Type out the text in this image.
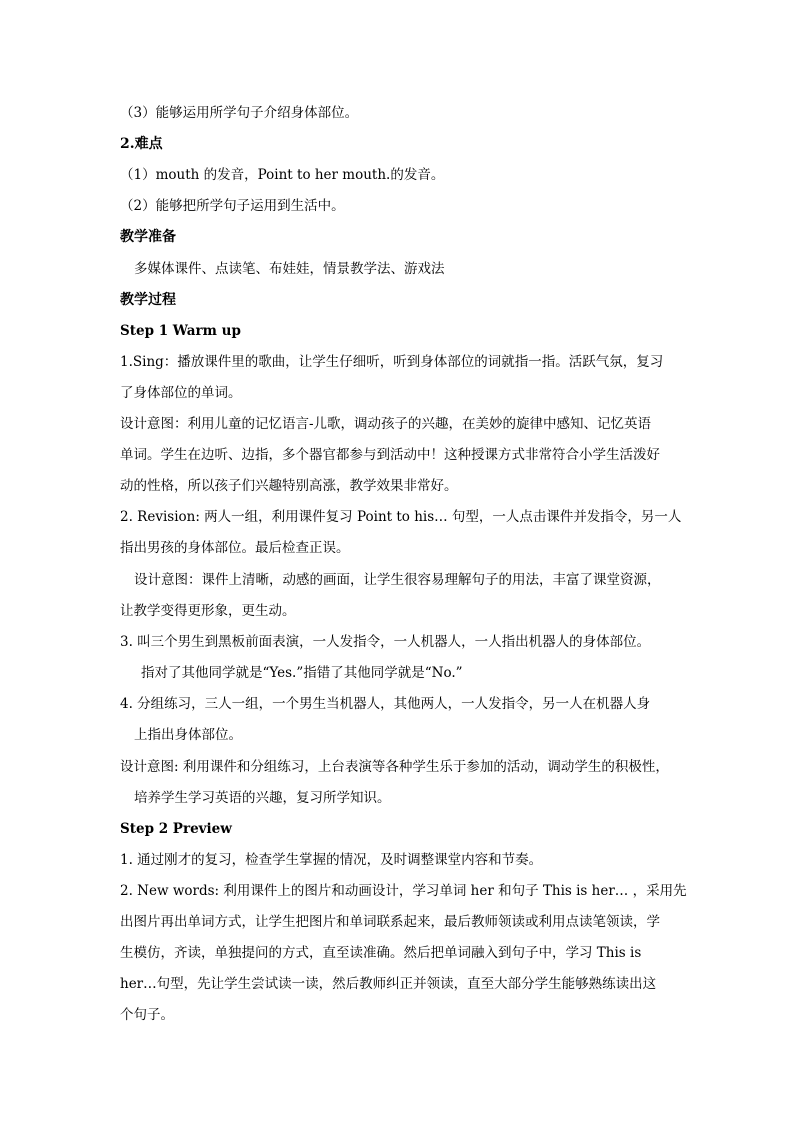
（3）能够运用所学句子介绍身体部位。
2.难点
（1）mouth 的发音，Point to her mouth.的发音。
（2）能够把所学句子运用到生活中。
教学准备
多媒体课件、点读笔、布娃娃，情景教学法、游戏法
教学过程
Step 1 Warm up
1.Sing：播放课件里的歌曲，让学生仔细听，听到身体部位的词就指一指。活跃气氛，复习
了身体部位的单词。
设计意图：利用儿童的记忆语言-儿歌，调动孩子的兴趣，在美妙的旋律中感知、记忆英语
单词。学生在边听、边指，多个器官都参与到活动中！这种授课方式非常符合小学生活泼好
动的性格，所以孩子们兴趣特别高涨，教学效果非常好。
2. Revision: 两人一组，利用课件复习 Point to his… 句型，一人点击课件并发指令，另一人
指出男孩的身体部位。最后检查正误。
设计意图：课件上清晰，动感的画面，让学生很容易理解句子的用法，丰富了课堂资源，
让教学变得更形象，更生动。
3. 叫三个男生到黑板前面表演，一人发指令，一人机器人，一人指出机器人的身体部位。
指对了其他同学就是“Yes.”指错了其他同学就是“No.”
4. 分组练习，三人一组，一个男生当机器人，其他两人，一人发指令，另一人在机器人身
上指出身体部位。
设计意图: 利用课件和分组练习，上台表演等各种学生乐于参加的活动，调动学生的积极性，
培养学生学习英语的兴趣，复习所学知识。
Step 2 Preview
1. 通过刚才的复习，检查学生掌握的情况，及时调整课堂内容和节奏。
2. New words: 利用课件上的图片和动画设计，学习单词 her 和句子 This is her… ，采用先
出图片再出单词方式，让学生把图片和单词联系起来，最后教师领读或利用点读笔领读，学
生模仿，齐读，单独提问的方式，直至读准确。然后把单词融入到句子中，学习 This is
her…句型，先让学生尝试读一读，然后教师纠正并领读，直至大部分学生能够熟练读出这
个句子。
